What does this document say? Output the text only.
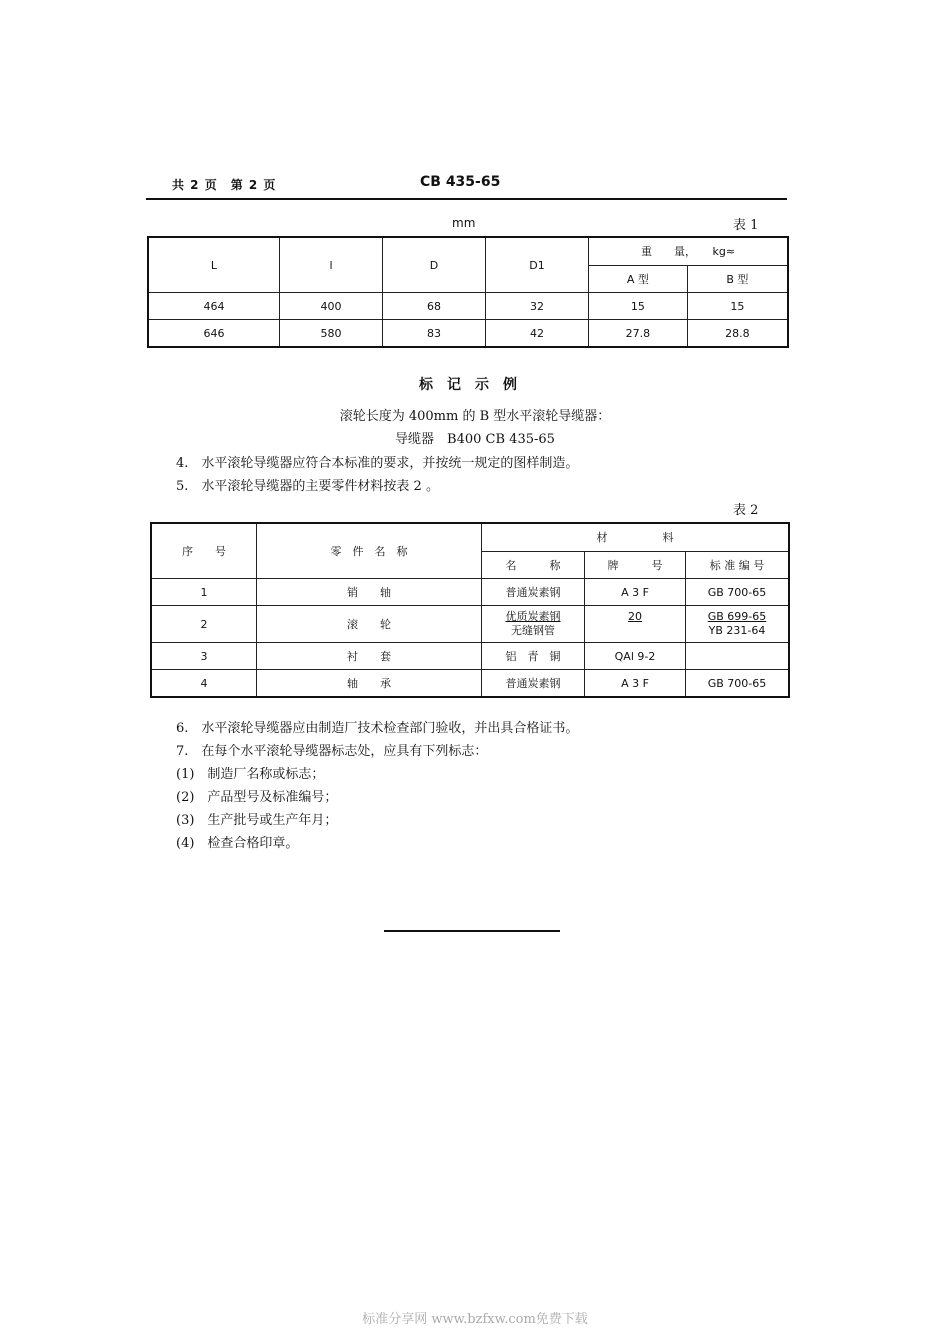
共 2 页　第 2 页	CB 435-65
mm	表 1
L	l	D	D1	重　　量，　　kg≈	
				A 型	B 型
464	400	68	32	15	15
646	580	83	42	27.8	28.8
标记示例
滚轮长度为 400mm 的 B 型水平滚轮导缆器：
导缆器　B400 CB 435-65
4.　水平滚轮导缆器应符合本标准的要求，并按统一规定的图样制造。
5.　水平滚轮导缆器的主要零件材料按表 2 。
表 2
序　　号	零　件　名　称	材　　　　　料		
		名　　　称	牌　　　号	标 准 编 号
1	销　　轴	普通炭素钢	A 3 F	GB 700-65
2	滚　　轮	优质炭素钢
无缝钢管	20	GB 699-65
YB 231-64

3	衬　　套	铝　青　铜	QAl 9-2	
4	轴　　承	普通炭素钢	A 3 F	GB 700-65
6.　水平滚轮导缆器应由制造厂技术检查部门验收，并出具合格证书。
7.　在每个水平滚轮导缆器标志处，应具有下列标志：
(1)　制造厂名称或标志；
(2)　产品型号及标准编号；
(3)　生产批号或生产年月；
(4)　检查合格印章。
标准分享网 www.bzfxw.com免费下载
